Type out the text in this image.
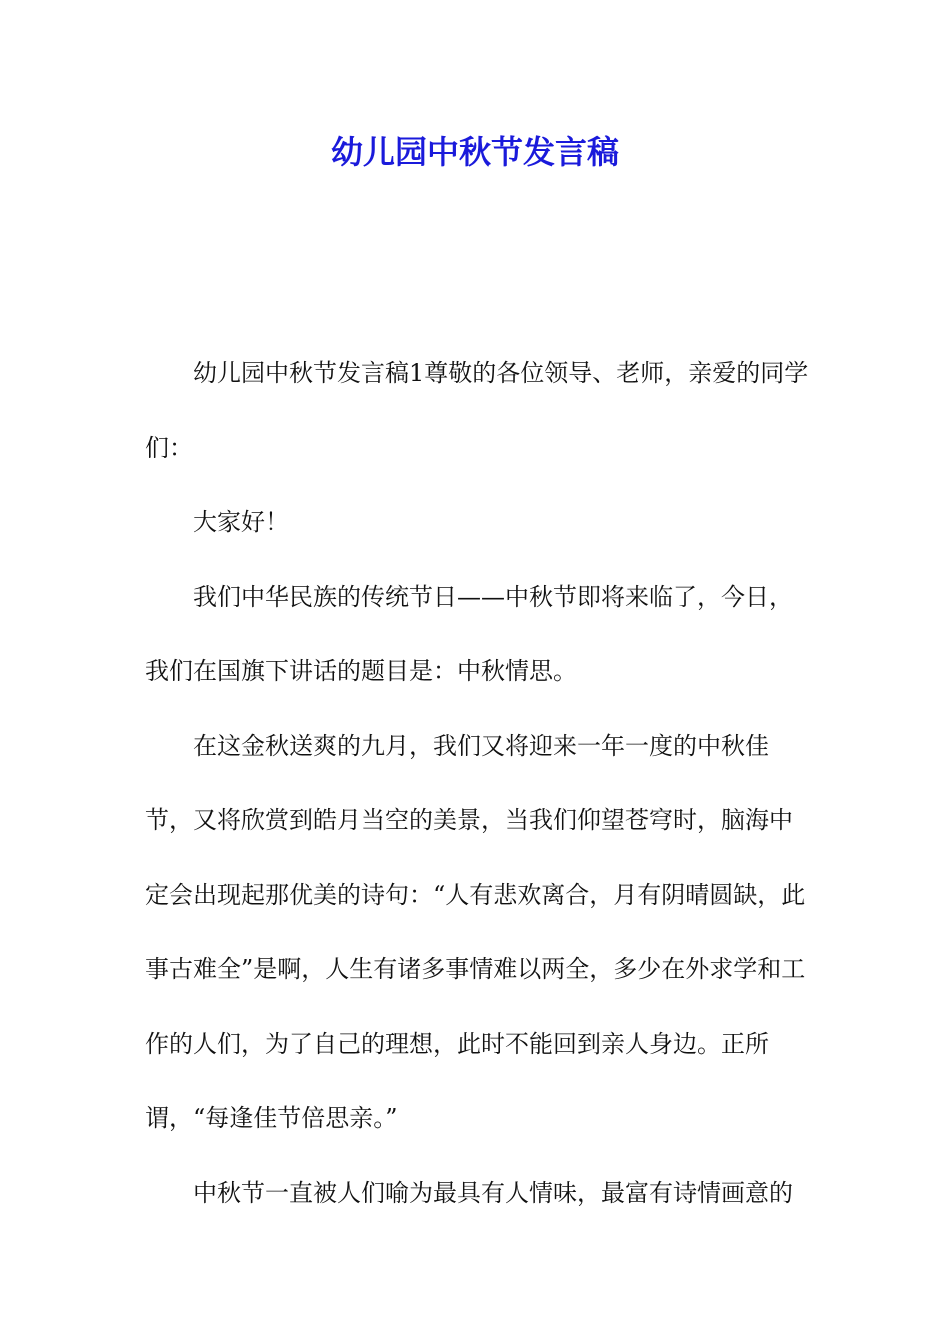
幼儿园中秋节发言稿

幼儿园中秋节发言稿1尊敬的各位领导、老师，亲爱的同学们：

大家好！

我们中华民族的传统节日——中秋节即将来临了，今日，我们在国旗下讲话的题目是：中秋情思。

在这金秋送爽的九月，我们又将迎来一年一度的中秋佳节，又将欣赏到皓月当空的美景，当我们仰望苍穹时，脑海中定会出现起那优美的诗句：“人有悲欢离合，月有阴晴圆缺，此事古难全”是啊，人生有诸多事情难以两全，多少在外求学和工作的人们，为了自己的理想，此时不能回到亲人身边。正所谓，“每逢佳节倍思亲。”

中秋节一直被人们喻为最具有人情味，最富有诗情画意的
